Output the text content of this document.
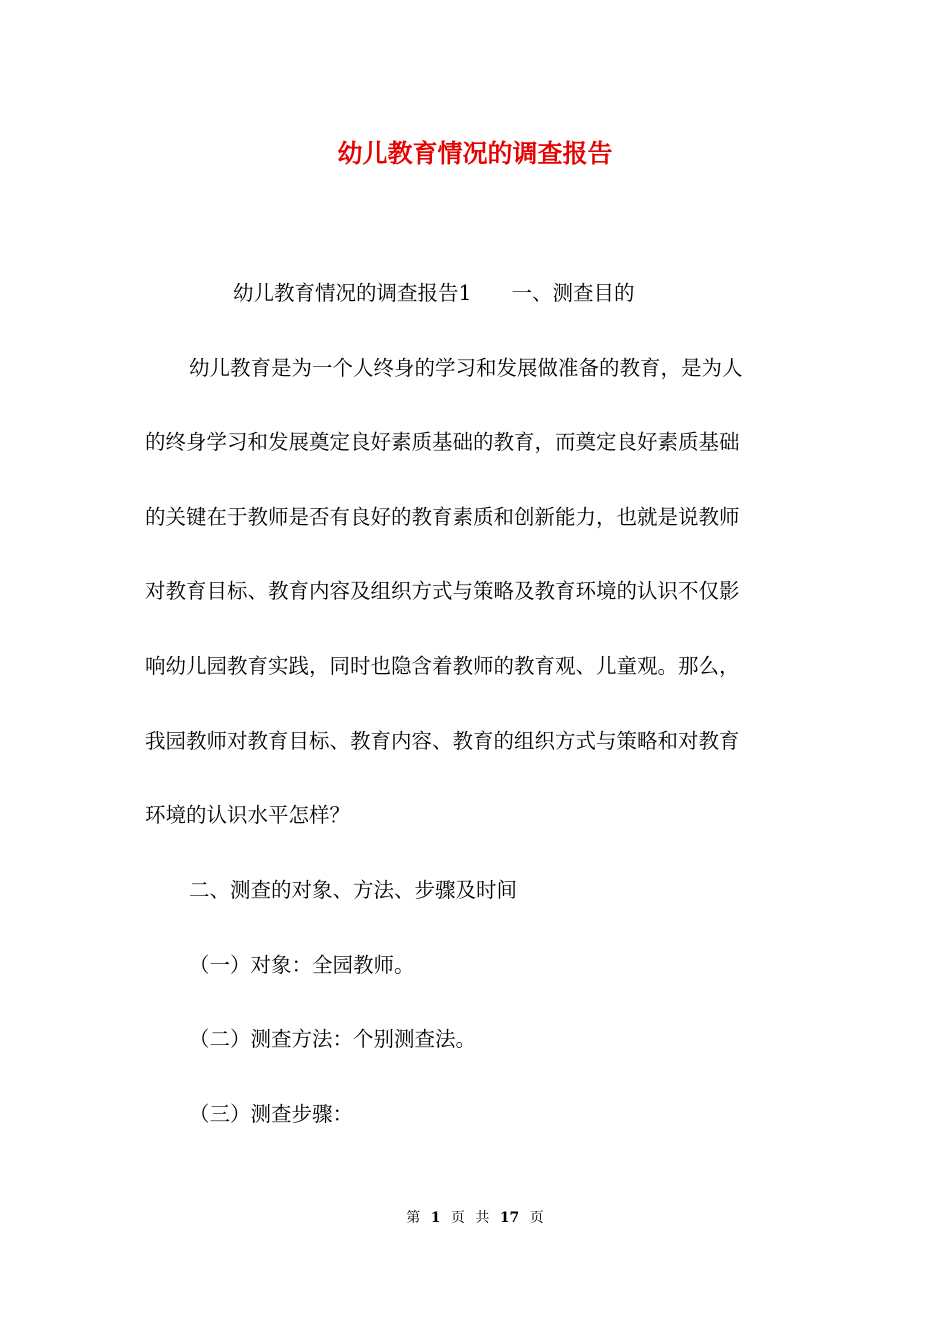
幼儿教育情况的调查报告
幼儿教育情况的调查报告1 一、测查目的
幼儿教育是为一个人终身的学习和发展做准备的教育，是为人
的终身学习和发展奠定良好素质基础的教育，而奠定良好素质基础
的关键在于教师是否有良好的教育素质和创新能力，也就是说教师
对教育目标、教育内容及组织方式与策略及教育环境的认识不仅影
响幼儿园教育实践，同时也隐含着教师的教育观、儿童观。那么，
我园教师对教育目标、教育内容、教育的组织方式与策略和对教育
环境的认识水平怎样？
二、测查的对象、方法、步骤及时间
（一）对象：全园教师。
（二）测查方法：个别测查法。
（三）测查步骤：
第 1 页 共 17 页
